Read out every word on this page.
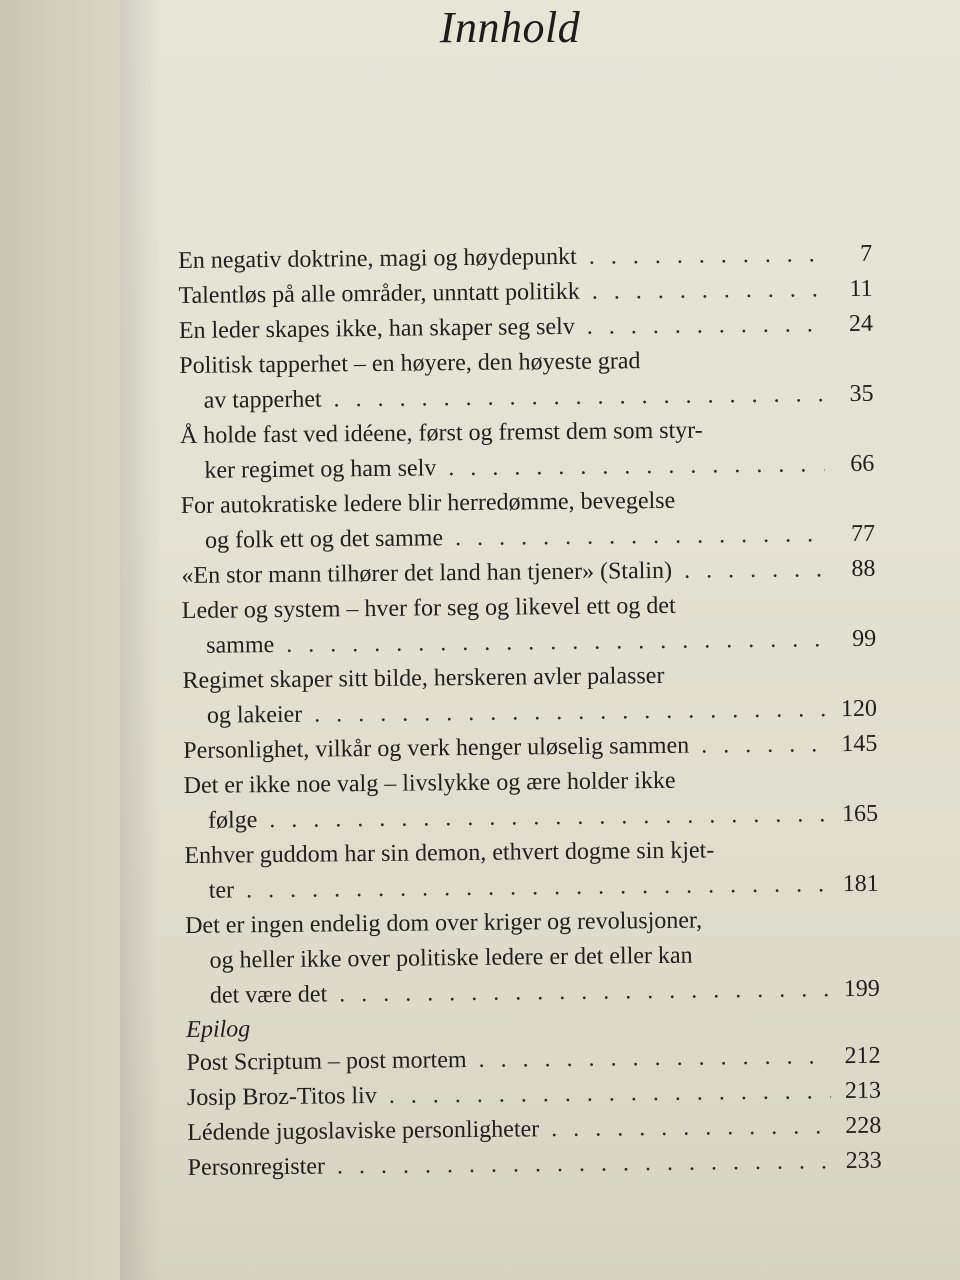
Innhold
En negativ doktrine, magi og høydepunkt . . .	7
Talentløs på alle områder, unntatt politikk . . .	11
En leder skapes ikke, han skaper seg selv . . .	24
Politisk tapperhet – en høyere, den høyeste grad
av tapperhet . . .	35
Å holde fast ved idéene, først og fremst dem som styr-
ker regimet og ham selv . . .	66
For autokratiske ledere blir herredømme, bevegelse
og folk ett og det samme . . .	77
«En stor mann tilhører det land han tjener» (Stalin) . . .	88
Leder og system – hver for seg og likevel ett og det
samme . . .	99
Regimet skaper sitt bilde, herskeren avler palasser
og lakeier . . .	120
Personlighet, vilkår og verk henger uløselig sammen . . .	145
Det er ikke noe valg – livslykke og ære holder ikke
følge . . .	165
Enhver guddom har sin demon, ethvert dogme sin kjet-
ter . . .	181
Det er ingen endelig dom over kriger og revolusjoner,
og heller ikke over politiske ledere er det eller kan
det være det . . .	199
Epilog
Post Scriptum – post mortem . . .	212
Josip Broz-Titos liv . . .	213
Lédende jugoslaviske personligheter . . .	228
Personregister . . .	233
